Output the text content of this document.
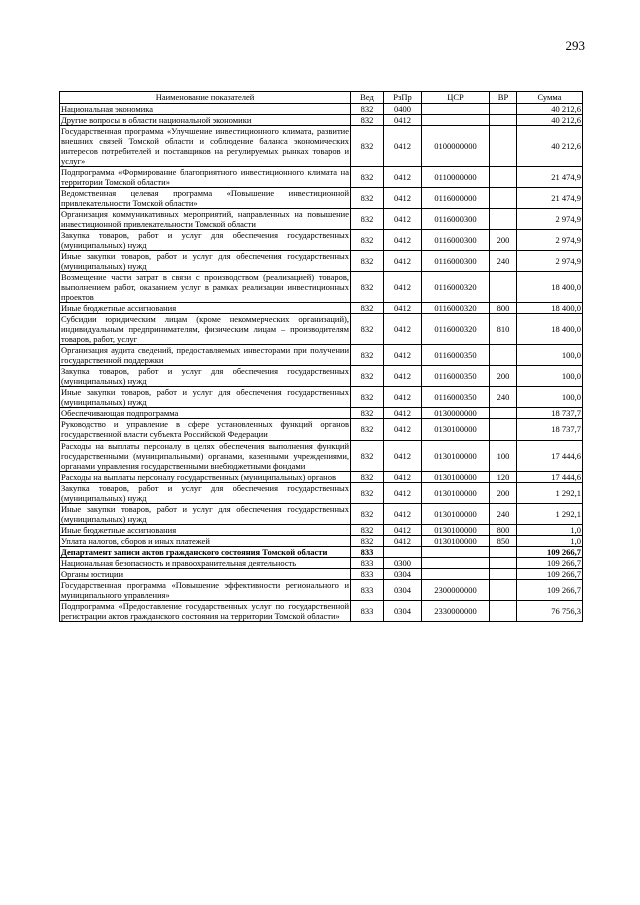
293
Наименование показателей	Вед	РзПр	ЦСР	ВР	Сумма
Национальная экономика	832	0400			40 212,6
Другие вопросы в области национальной экономики	832	0412			40 212,6
Государственная программа «Улучшение инвестиционного климата, развитие внешних связей Томской области и соблюдение баланса экономических интересов потребителей и поставщиков на регулируемых рынках товаров и услуг»	832	0412	0100000000		40 212,6
Подпрограмма «Формирование благоприятного инвестиционного климата на территории Томской области»	832	0412	0110000000		21 474,9
Ведомственная целевая программа «Повышение инвестиционной привлекательности Томской области»	832	0412	0116000000		21 474,9
Организация коммуникативных мероприятий, направленных на повышение инвестиционной привлекательности Томской области	832	0412	0116000300		2 974,9
Закупка товаров, работ и услуг для обеспечения государственных (муниципальных) нужд	832	0412	0116000300	200	2 974,9
Иные закупки товаров, работ и услуг для обеспечения государственных (муниципальных) нужд	832	0412	0116000300	240	2 974,9
Возмещение части затрат в связи с производством (реализацией) товаров, выполнением работ, оказанием услуг в рамках реализации инвестиционных проектов	832	0412	0116000320		18 400,0
Иные бюджетные ассигнования	832	0412	0116000320	800	18 400,0
Субсидии юридическим лицам (кроме некоммерческих организаций), индивидуальным предпринимателям, физическим лицам – производителям товаров, работ, услуг	832	0412	0116000320	810	18 400,0
Организация аудита сведений, предоставляемых инвесторами при получении государственной поддержки	832	0412	0116000350		100,0
Закупка товаров, работ и услуг для обеспечения государственных (муниципальных) нужд	832	0412	0116000350	200	100,0
Иные закупки товаров, работ и услуг для обеспечения государственных (муниципальных) нужд	832	0412	0116000350	240	100,0
Обеспечивающая подпрограмма	832	0412	0130000000		18 737,7
Руководство и управление в сфере установленных функций органов государственной власти субъекта Российской Федерации	832	0412	0130100000		18 737,7
Расходы на выплаты персоналу в целях обеспечения выполнения функций государственными (муниципальными) органами, казенными учреждениями, органами управления государственными внебюджетными фондами	832	0412	0130100000	100	17 444,6
Расходы на выплаты персоналу государственных (муниципальных) органов	832	0412	0130100000	120	17 444,6
Закупка товаров, работ и услуг для обеспечения государственных (муниципальных) нужд	832	0412	0130100000	200	1 292,1
Иные закупки товаров, работ и услуг для обеспечения государственных (муниципальных) нужд	832	0412	0130100000	240	1 292,1
Иные бюджетные ассигнования	832	0412	0130100000	800	1,0
Уплата налогов, сборов и иных платежей	832	0412	0130100000	850	1,0
Департамент записи актов гражданского состояния Томской области	833				109 266,7
Национальная безопасность и правоохранительная деятельность	833	0300			109 266,7
Органы юстиции	833	0304			109 266,7
Государственная программа «Повышение эффективности регионального и муниципального управления»	833	0304	2300000000		109 266,7
Подпрограмма «Предоставление государственных услуг по государственной регистрации актов гражданского состояния на территории Томской области»	833	0304	2330000000		76 756,3
